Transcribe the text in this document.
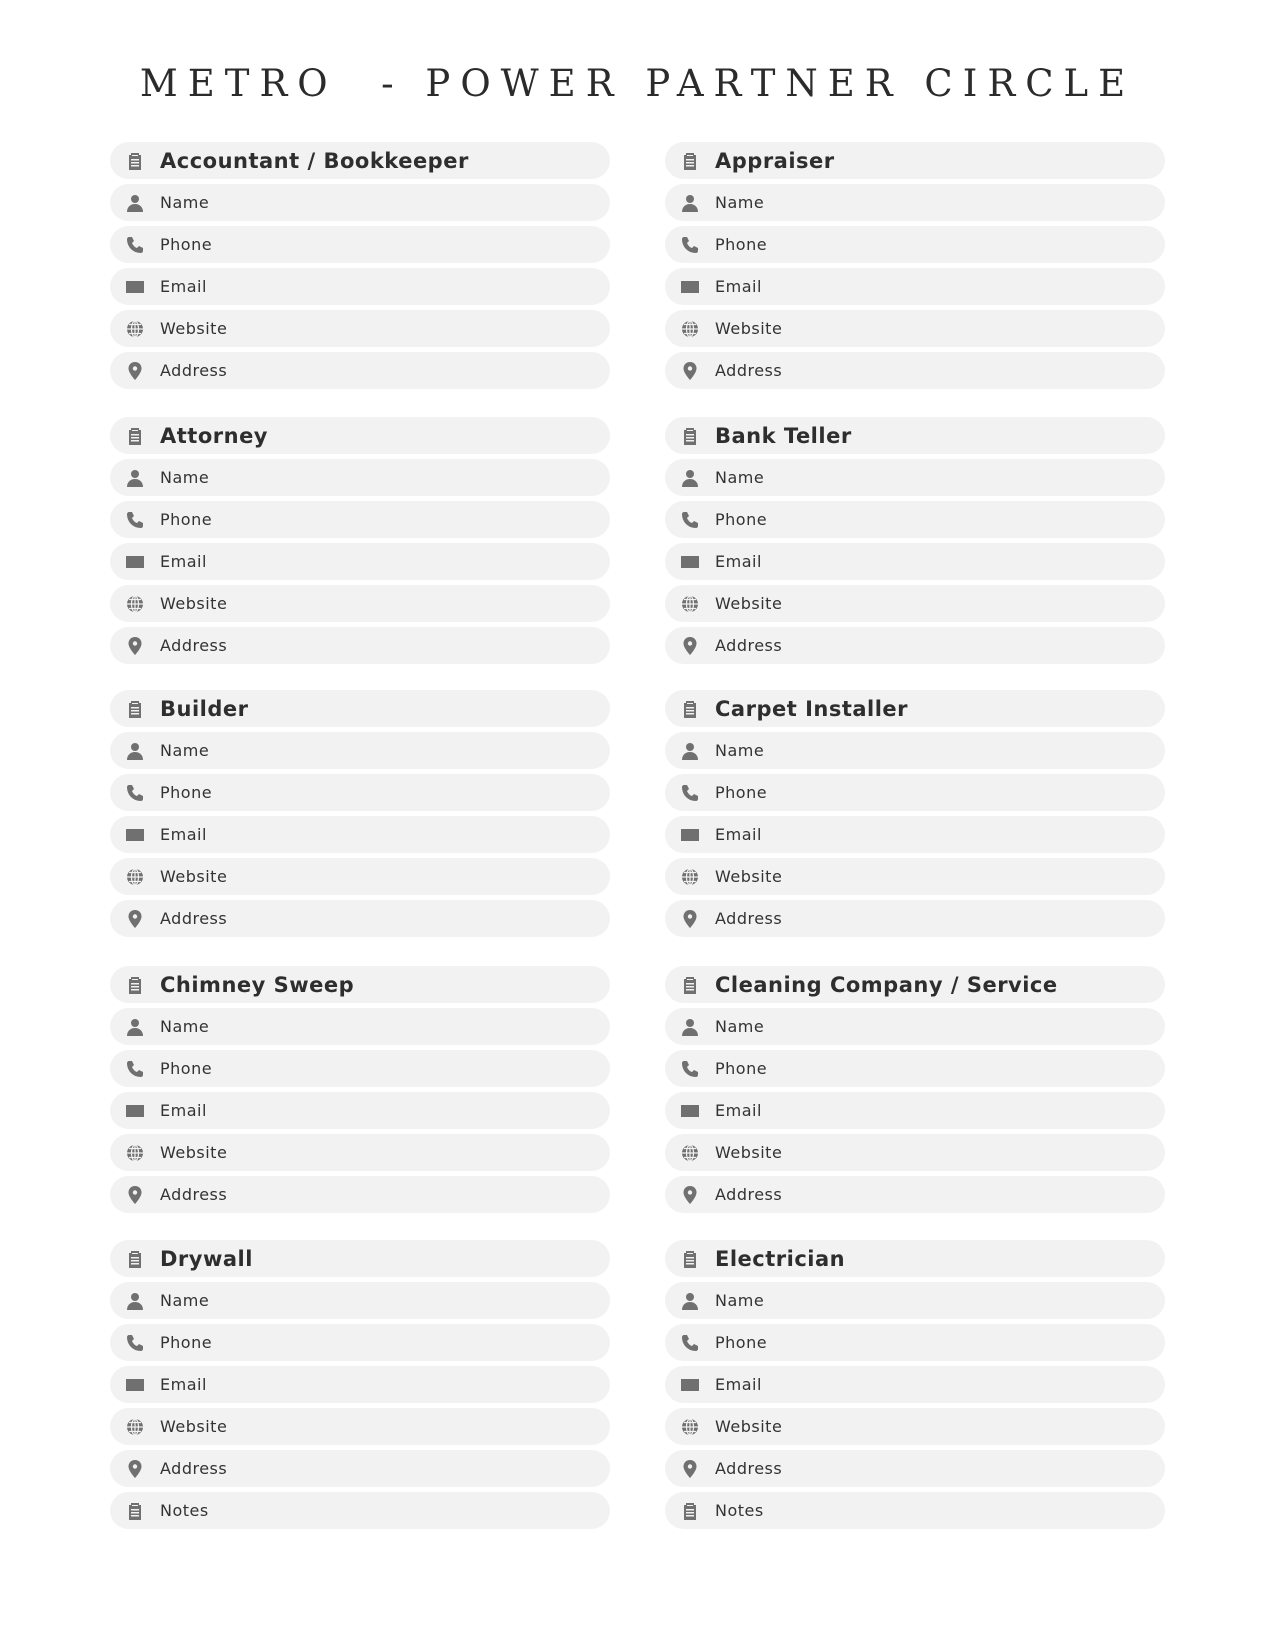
METRO  - POWER PARTNER CIRCLE
Accountant / Bookkeeper
Name
Phone
Email
Website
Address
Appraiser
Name
Phone
Email
Website
Address
Attorney
Name
Phone
Email
Website
Address
Bank Teller
Name
Phone
Email
Website
Address
Builder
Name
Phone
Email
Website
Address
Carpet Installer
Name
Phone
Email
Website
Address
Chimney Sweep
Name
Phone
Email
Website
Address
Cleaning Company / Service
Name
Phone
Email
Website
Address
Drywall
Name
Phone
Email
Website
Address
Notes
Electrician
Name
Phone
Email
Website
Address
Notes
